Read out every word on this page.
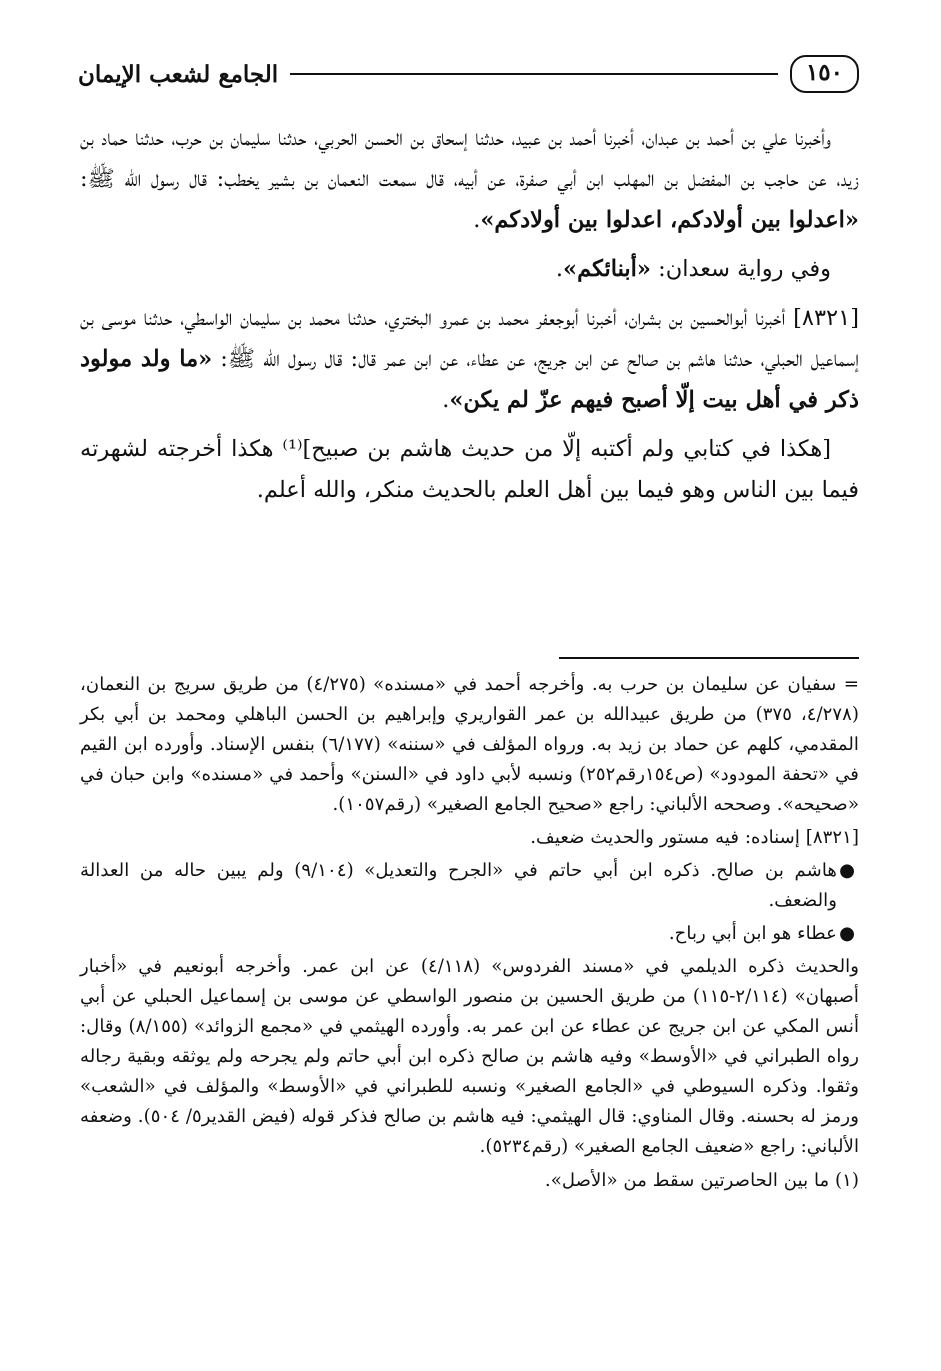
١٥٠
الجامع لشعب الإيمان

وأخبرنا علي بن أحمد بن عبدان، أخبرنا أحمد بن عبيد، حدثنا إسحاق بن الحسن الحربي، حدثنا سليمان بن حرب، حدثنا حماد بن زيد، عن حاجب بن المفضل بن المهلب ابن أبي صفرة، عن أبيه، قال سمعت النعمان بن بشير يخطب: قال رسول الله ﷺ: «اعدلوا بين أولادكم، اعدلوا بين أولادكم».

وفي رواية سعدان: «أبنائكم».

[٨٣٢١] أخبرنا أبوالحسين بن بشران، أخبرنا أبوجعفر محمد بن عمرو البختري، حدثنا محمد بن سليمان الواسطي، حدثنا موسى بن إسماعيل الحبلي، حدثنا هاشم بن صالح عن ابن جريج، عن عطاء، عن ابن عمر قال: قال رسول الله ﷺ: «ما ولد مولود ذكر في أهل بيت إلّا أصبح فيهم عزّ لم يكن».

[هكذا في كتابي ولم أكتبه إلّا من حديث هاشم بن صبيح]⁽¹⁾ هكذا أخرجته لشهرته فيما بين الناس وهو فيما بين أهل العلم بالحديث منكر، والله أعلم.

= سفيان عن سليمان بن حرب به. وأخرجه أحمد في «مسنده» (٤/٢٧٥) من طريق سريج بن النعمان، (٤/٢٧٨، ٣٧٥) من طريق عبيدالله بن عمر القواريري وإبراهيم بن الحسن الباهلي ومحمد بن أبي بكر المقدمي، كلهم عن حماد بن زيد به. ورواه المؤلف في «سننه» (٦/١٧٧) بنفس الإسناد. وأورده ابن القيم في «تحفة المودود» (ص١٥٤رقم٢٥٢) ونسبه لأبي داود في «السنن» وأحمد في «مسنده» وابن حبان في «صحيحه». وصححه الألباني: راجع «صحيح الجامع الصغير» (رقم١٠٥٧).

[٨٣٢١] إسناده: فيه مستور والحديث ضعيف.

●
هاشم بن صالح. ذكره ابن أبي حاتم في «الجرح والتعديل» (٩/١٠٤) ولم يبين حاله من العدالة والضعف.

●
عطاء هو ابن أبي رباح.

والحديث ذكره الديلمي في «مسند الفردوس» (٤/١١٨) عن ابن عمر. وأخرجه أبونعيم في «أخبار أصبهان» (٢/١١٤-١١٥) من طريق الحسين بن منصور الواسطي عن موسى بن إسماعيل الحبلي عن أبي أنس المكي عن ابن جريج عن عطاء عن ابن عمر به. وأورده الهيثمي في «مجمع الزوائد» (٨/١٥٥) وقال: رواه الطبراني في «الأوسط» وفيه هاشم بن صالح ذكره ابن أبي حاتم ولم يجرحه ولم يوثقه وبقية رجاله وثقوا. وذكره السيوطي في «الجامع الصغير» ونسبه للطبراني في «الأوسط» والمؤلف في «الشعب» ورمز له بحسنه. وقال المناوي: قال الهيثمي: فيه هاشم بن صالح فذكر قوله (فيض القدير٥/ ٥٠٤). وضعفه الألباني: راجع «ضعيف الجامع الصغير» (رقم٥٢٣٤).

(١) ما بين الحاصرتين سقط من «الأصل».
